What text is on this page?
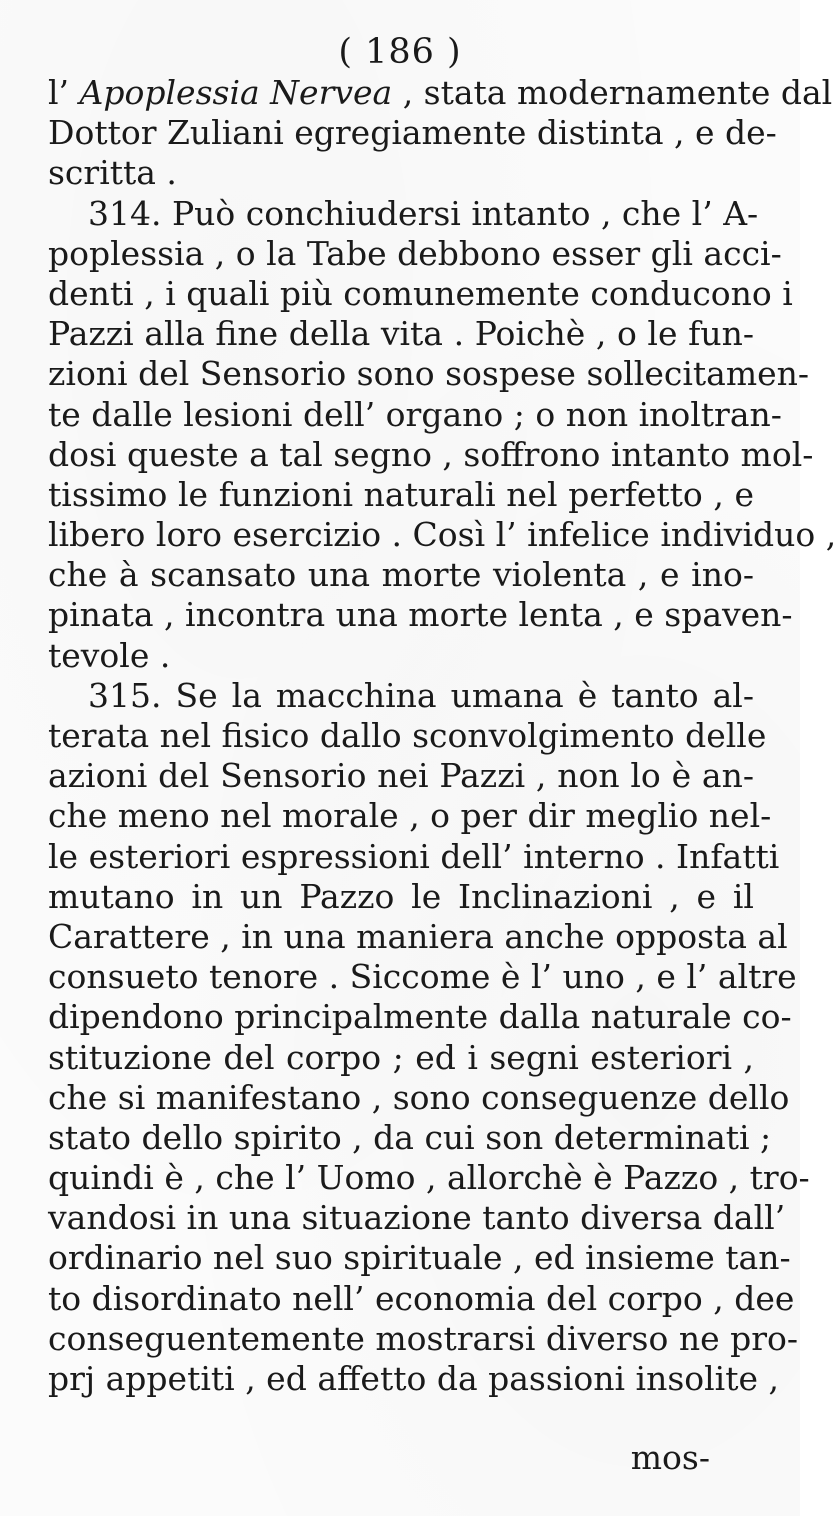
( 186 )
l’ Apoplessia Nervea , stata modernamente dal
Dottor Zuliani egregiamente distinta , e de-
scritta .
314. Può conchiudersi intanto , che l’ A-
poplessia , o la Tabe debbono esser gli acci-
denti , i quali più comunemente conducono i
Pazzi alla fine della vita . Poichè , o le fun-
zioni del Sensorio sono sospese sollecitamen-
te dalle lesioni dell’ organo ; o non inoltran-
dosi queste a tal segno , soffrono intanto mol-
tissimo le funzioni naturali nel perfetto , e
libero loro esercizio . Così l’ infelice individuo ,
che à scansato una morte violenta , e ino-
pinata , incontra una morte lenta , e spaven-
tevole .
315. Se la macchina umana è tanto al-
terata nel fisico dallo sconvolgimento delle
azioni del Sensorio nei Pazzi , non lo è an-
che meno nel morale , o per dir meglio nel-
le esteriori espressioni dell’ interno . Infatti
mutano in un Pazzo le Inclinazioni , e il
Carattere , in una maniera anche opposta al
consueto tenore . Siccome è l’ uno , e l’ altre
dipendono principalmente dalla naturale co-
stituzione del corpo ; ed i segni esteriori ,
che si manifestano , sono conseguenze dello
stato dello spirito , da cui son determinati ;
quindi è , che l’ Uomo , allorchè è Pazzo , tro-
vandosi in una situazione tanto diversa dall’
ordinario nel suo spirituale , ed insieme tan-
to disordinato nell’ economia del corpo , dee
conseguentemente mostrarsi diverso ne pro-
prj appetiti , ed affetto da passioni insolite ,
mos-
